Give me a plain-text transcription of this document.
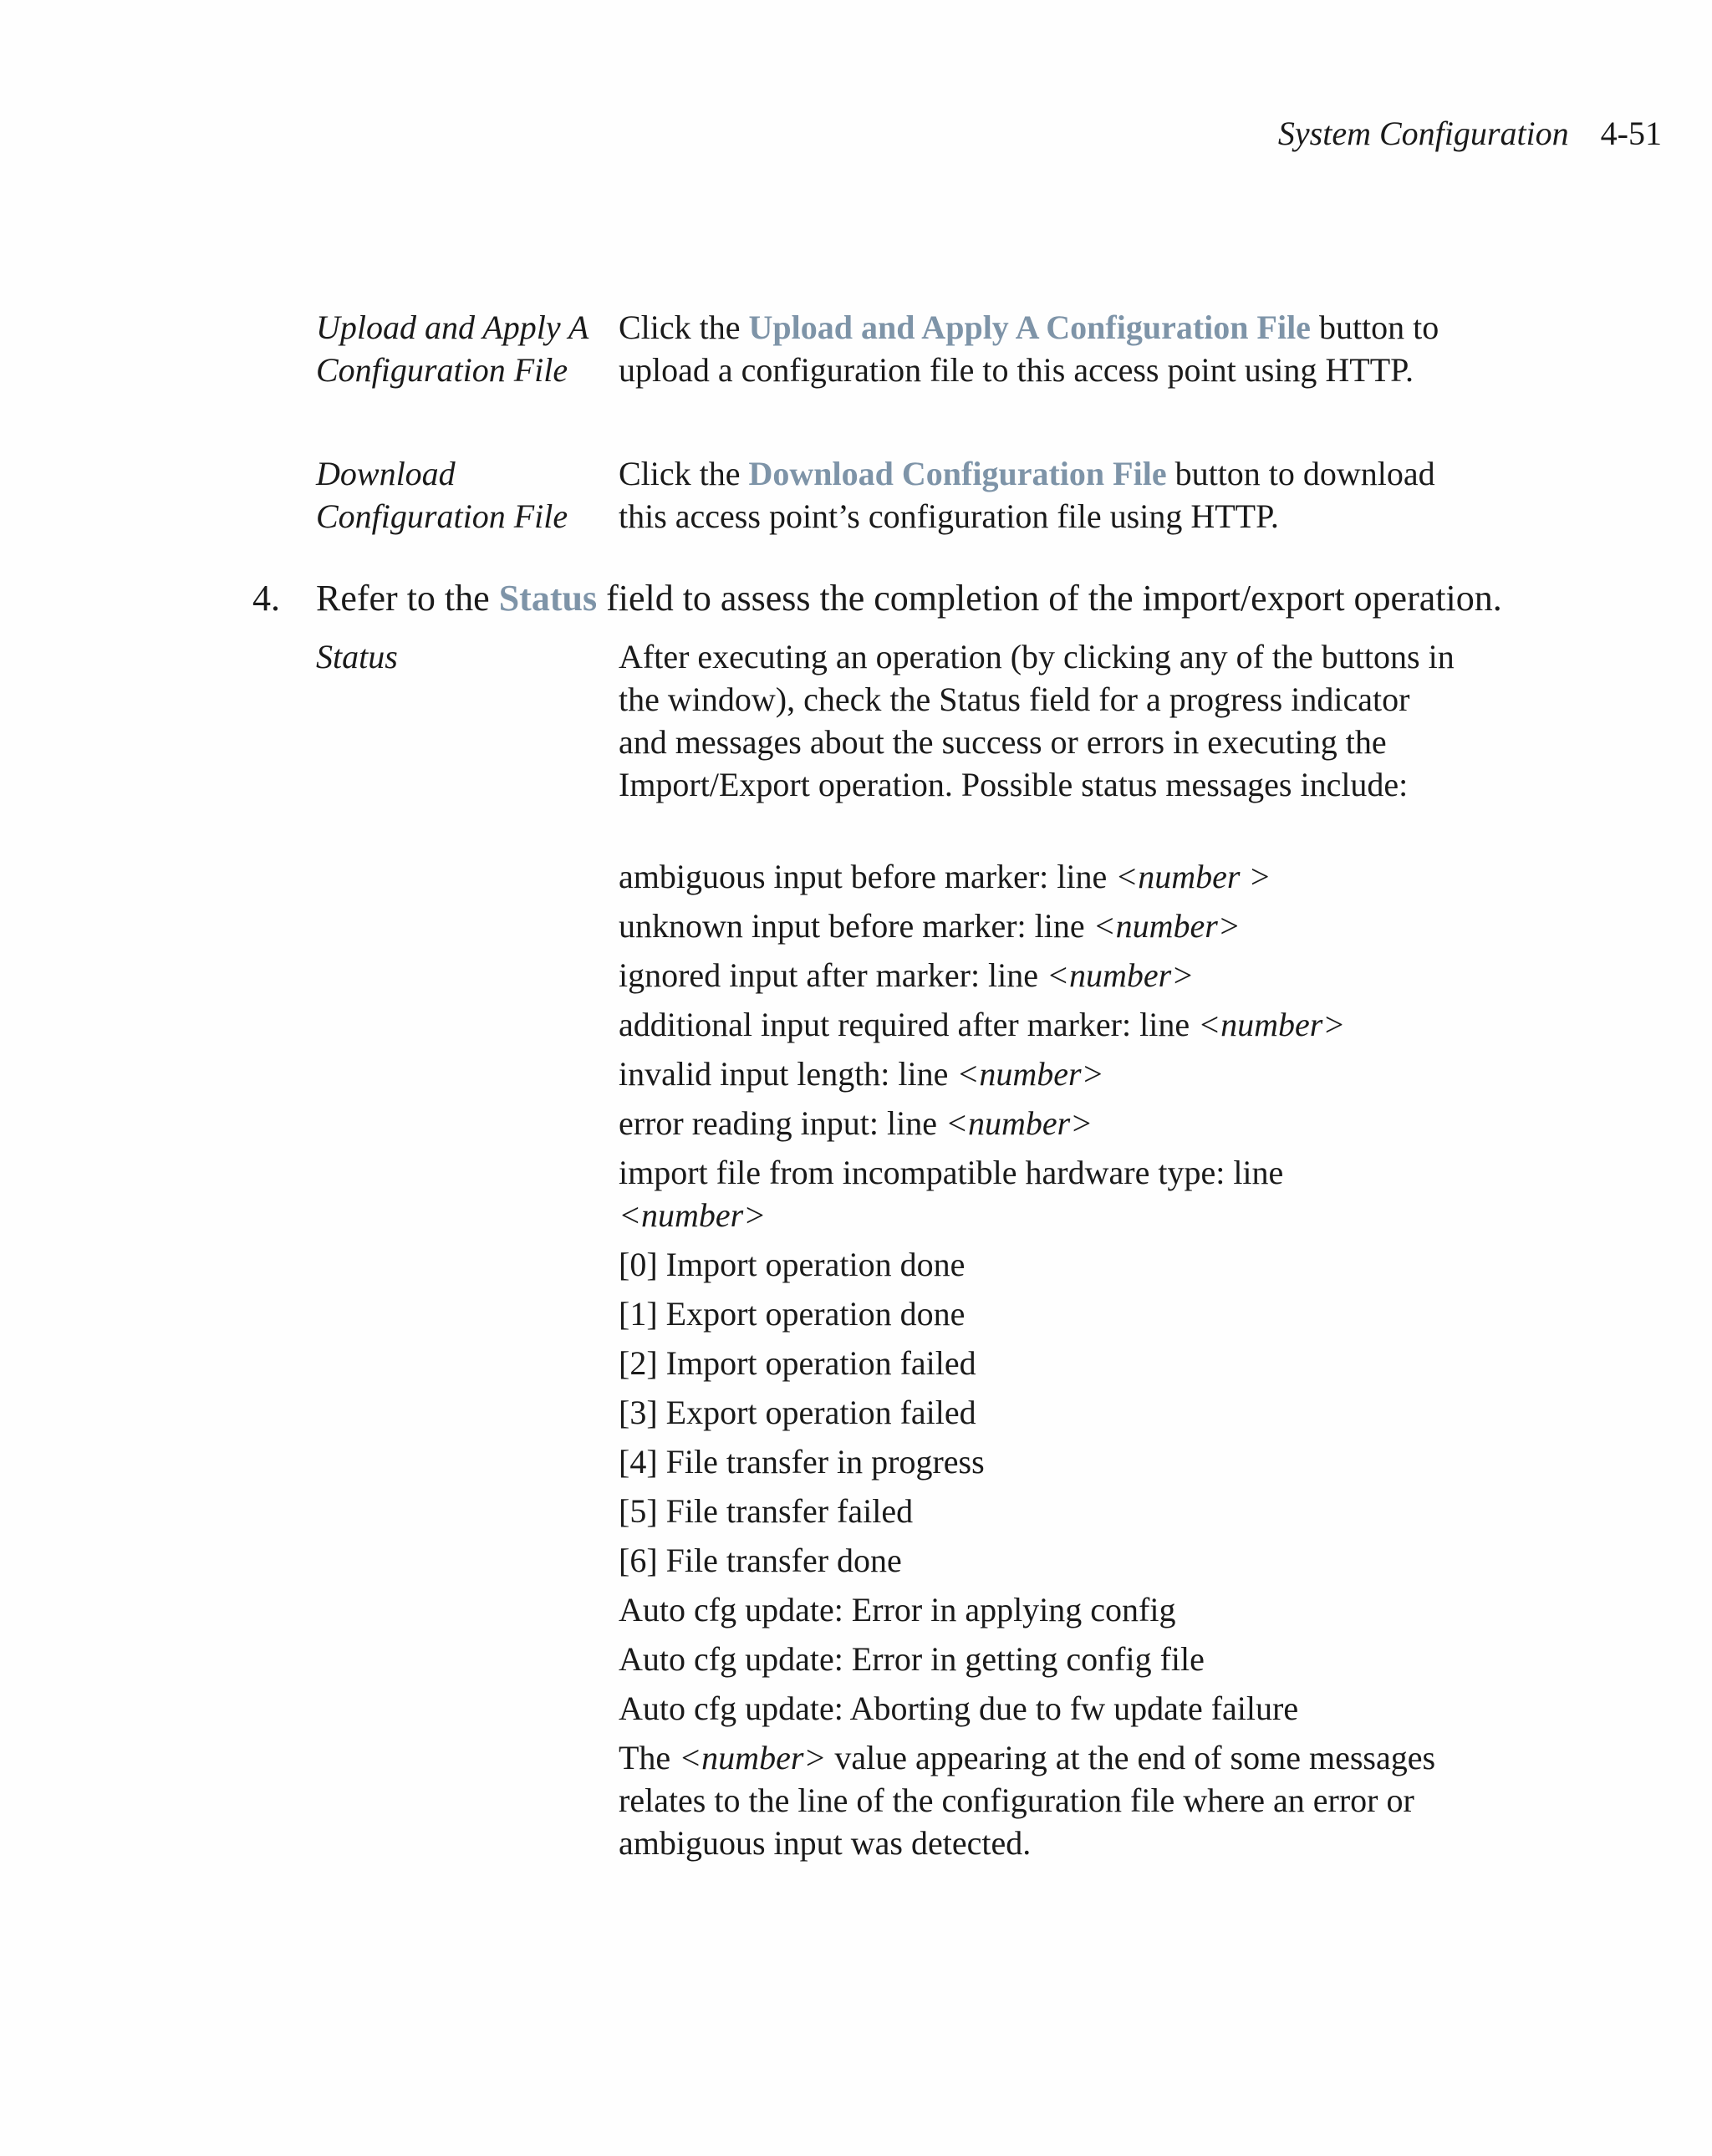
System Configuration 4-51
Upload and Apply A
Configuration File
Click the Upload and Apply A Configuration File button to upload a configuration file to this access point using HTTP.
Download
Configuration File
Click the Download Configuration File button to download this access point’s configuration file using HTTP.
4. Refer to the Status field to assess the completion of the import/export operation.
Status	After executing an operation (by clicking any of the buttons in the window), check the Status field for a progress indicator and messages about the success or errors in executing the Import/Export operation. Possible status messages include:
ambiguous input before marker: line <number >
unknown input before marker: line <number>
ignored input after marker: line <number>
additional input required after marker: line <number>
invalid input length: line <number>
error reading input: line <number>
import file from incompatible hardware type: line
<number>
[0] Import operation done
[1] Export operation done
[2] Import operation failed
[3] Export operation failed
[4] File transfer in progress
[5] File transfer failed
[6] File transfer done
Auto cfg update: Error in applying config
Auto cfg update: Error in getting config file
Auto cfg update: Aborting due to fw update failure
The <number> value appearing at the end of some messages relates to the line of the configuration file where an error or ambiguous input was detected.
